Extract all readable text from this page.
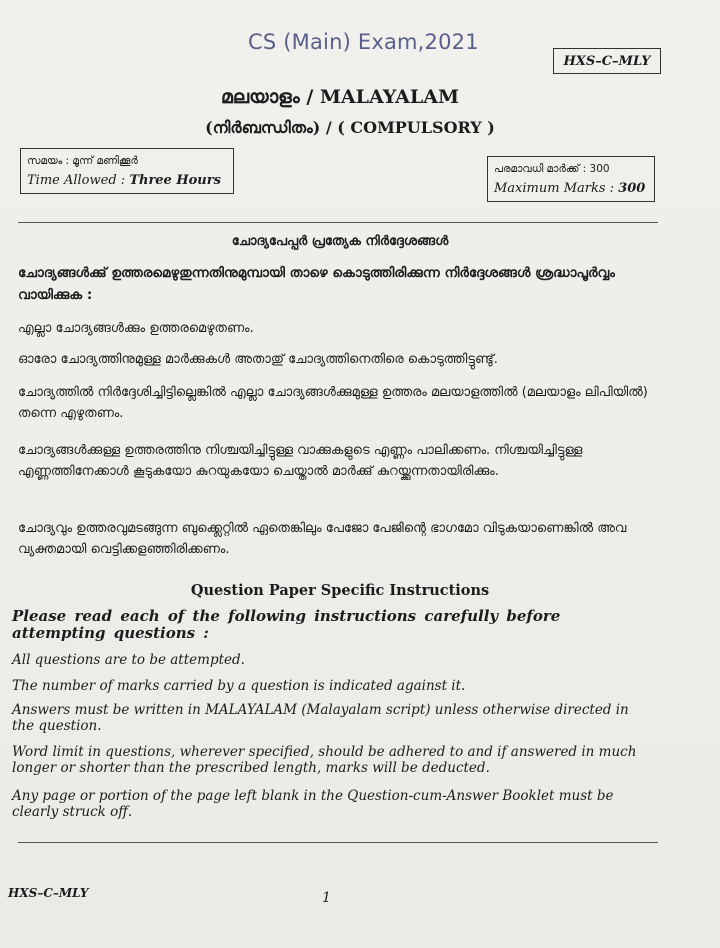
CS (Main) Exam,2021
HXS–C–MLY
മലയാളം / MALAYALAM
(നിർബന്ധിതം) / ( COMPULSORY )
സമയം : മൂന്ന് മണിക്കൂർ
Time Allowed : Three Hours
പരമാവധി മാർക്ക് : 300
Maximum Marks : 300
ചോദ്യപേപ്പർ പ്രത്യേക നിർദ്ദേശങ്ങൾ
ചോദ്യങ്ങൾക്കു് ഉത്തരമെഴുതുന്നതിനുമുമ്പായി താഴെ കൊടുത്തിരിക്കുന്ന നിർദ്ദേശങ്ങൾ ശ്രദ്ധാപൂർവ്വം വായിക്കുക :
എല്ലാ ചോദ്യങ്ങൾക്കും ഉത്തരമെഴുതണം.
ഓരോ ചോദ്യത്തിനുമുള്ള മാർക്കുകൾ അതാതു് ചോദ്യത്തിനെതിരെ കൊടുത്തിട്ടുണ്ടു്.
ചോദ്യത്തിൽ നിർദ്ദേശിച്ചിട്ടില്ലെങ്കിൽ എല്ലാ ചോദ്യങ്ങൾക്കുമുള്ള ഉത്തരം മലയാളത്തിൽ (മലയാളം ലിപിയിൽ) തന്നെ എഴുതണം.
ചോദ്യങ്ങൾക്കുള്ള ഉത്തരത്തിനു നിശ്ചയിച്ചിട്ടുള്ള വാക്കുകളുടെ എണ്ണം പാലിക്കണം. നിശ്ചയിച്ചിട്ടുള്ള എണ്ണത്തിനേക്കാൾ കൂടുകയോ കുറയുകയോ ചെയ്താൽ മാർക്കു് കുറയ്ക്കുന്നതായിരിക്കും.
ചോദ്യവും ഉത്തരവുമടങ്ങുന്ന ബുക്ക്ലെറ്റിൽ ഏതെങ്കിലും പേജോ പേജിന്റെ ഭാഗമോ വിടുകയാണെങ്കിൽ അവ വ്യക്തമായി വെട്ടിക്കളഞ്ഞിരിക്കണം.
Question Paper Specific Instructions
Please read each of the following instructions carefully before attempting questions :
All questions are to be attempted.
The number of marks carried by a question is indicated against it.
Answers must be written in MALAYALAM (Malayalam script) unless otherwise directed in the question.
Word limit in questions, wherever specified, should be adhered to and if answered in much longer or shorter than the prescribed length, marks will be deducted.
Any page or portion of the page left blank in the Question-cum-Answer Booklet must be clearly struck off.
HXS–C–MLY	1
